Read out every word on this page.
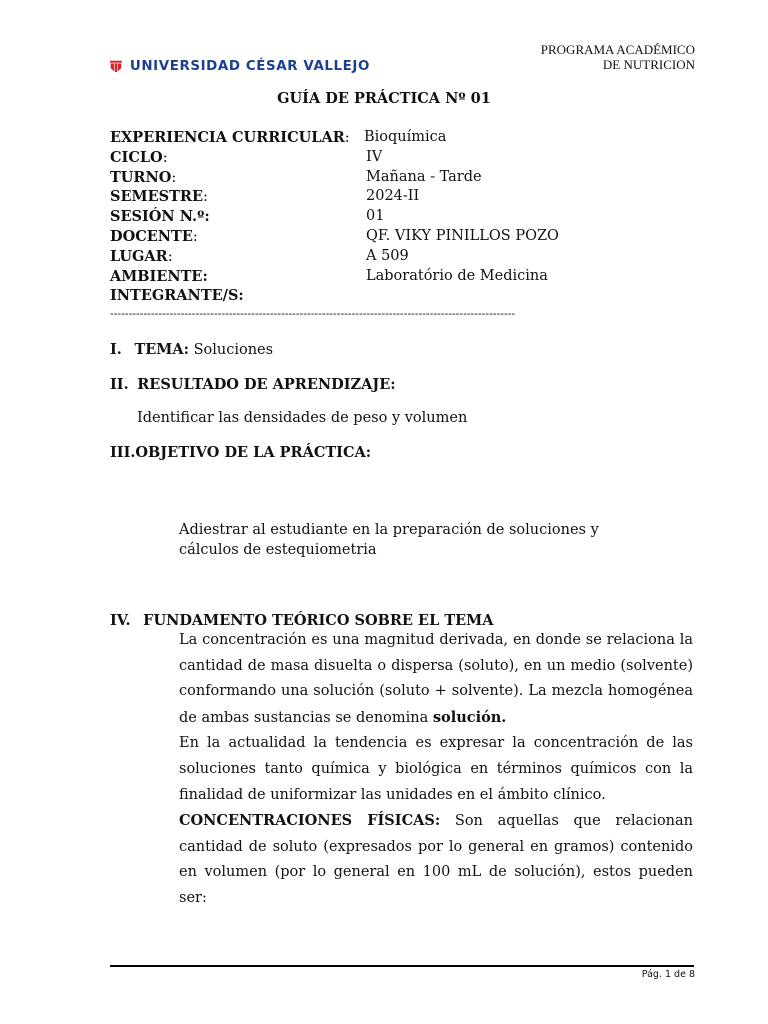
UNIVERSIDAD CÉSAR VALLEJO
PROGRAMA ACADÉMICO
DE NUTRICION
GUÍA DE PRÁCTICA Nº 01
EXPERIENCIA CURRICULAR: Bioquímica
CICLO:	IV
TURNO:	Mañana - Tarde
SEMESTRE:	2024-II
SESIÓN N.º:	01
DOCENTE:	QF. VIKY PINILLOS POZO
LUGAR:	A 509
AMBIENTE:	Laboratório de Medicina
INTEGRANTE/S:
-------------------------------------------------------------------------------------------------------------
I. TEMA: Soluciones
II. RESULTADO DE APRENDIZAJE:
Identificar las densidades de peso y volumen
III.OBJETIVO DE LA PRÁCTICA:
Adiestrar al estudiante en la preparación de soluciones y cálculos de estequiometria
IV. FUNDAMENTO TEÓRICO SOBRE EL TEMA

La concentración es una magnitud derivada, en donde se relaciona la cantidad de masa disuelta o dispersa (soluto), en un medio (solvente) conformando una solución (soluto + solvente). La mezcla homogénea de ambas sustancias se denomina solución.

En la actualidad la tendencia es expresar la concentración de las soluciones tanto química y biológica en términos químicos con la finalidad de uniformizar las unidades en el ámbito clínico.

CONCENTRACIONES FÍSICAS: Son aquellas que relacionan cantidad de soluto (expresados por lo general en gramos) contenido en volumen (por lo general en 100 mL de solución), estos pueden ser:

Pág. 1 de 8
